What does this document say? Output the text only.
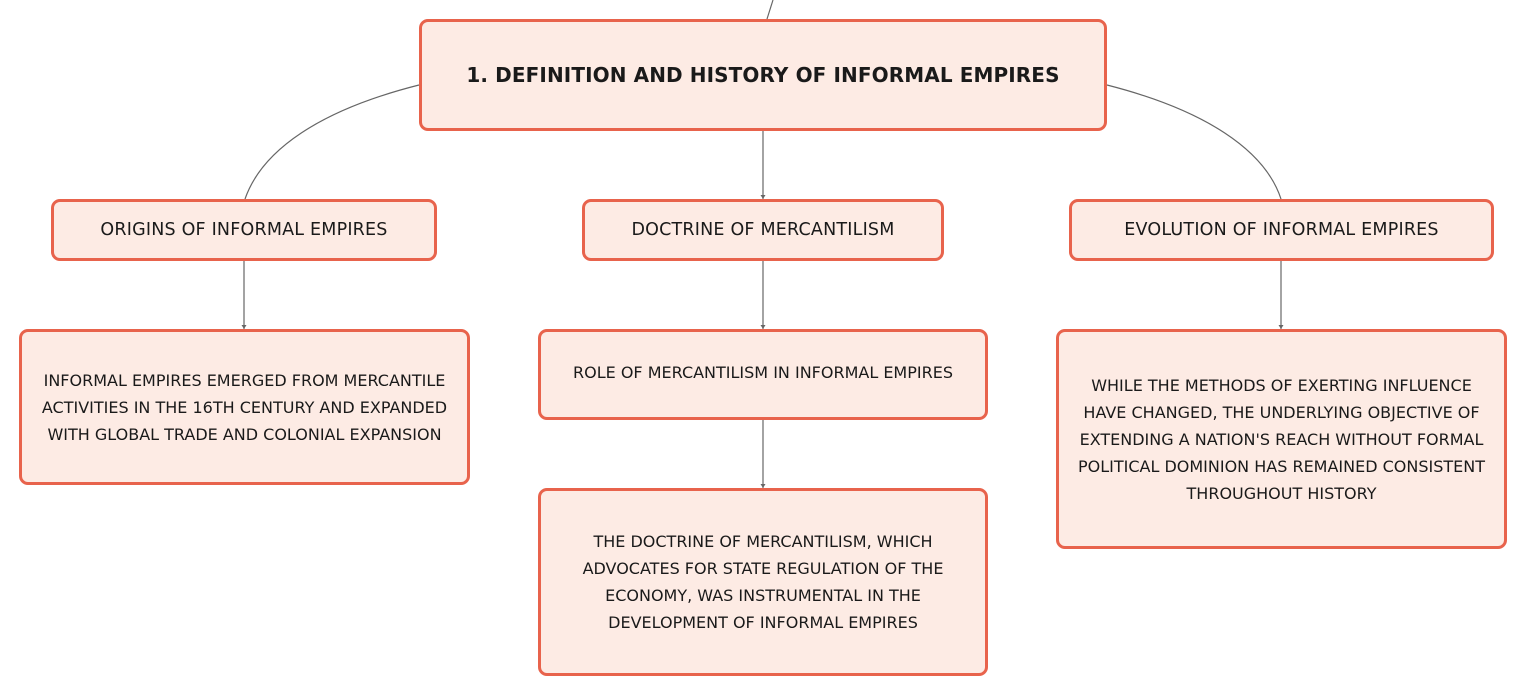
1. DEFINITION AND HISTORY OF INFORMAL EMPIRES
ORIGINS OF INFORMAL EMPIRES	DOCTRINE OF MERCANTILISM	EVOLUTION OF INFORMAL EMPIRES
INFORMAL EMPIRES EMERGED FROM MERCANTILE ACTIVITIES IN THE 16TH CENTURY AND EXPANDED WITH GLOBAL TRADE AND COLONIAL EXPANSION
ROLE OF MERCANTILISM IN INFORMAL EMPIRES
THE DOCTRINE OF MERCANTILISM, WHICH ADVOCATES FOR STATE REGULATION OF THE ECONOMY, WAS INSTRUMENTAL IN THE DEVELOPMENT OF INFORMAL EMPIRES
WHILE THE METHODS OF EXERTING INFLUENCE HAVE CHANGED, THE UNDERLYING OBJECTIVE OF EXTENDING A NATION'S REACH WITHOUT FORMAL POLITICAL DOMINION HAS REMAINED CONSISTENT THROUGHOUT HISTORY
